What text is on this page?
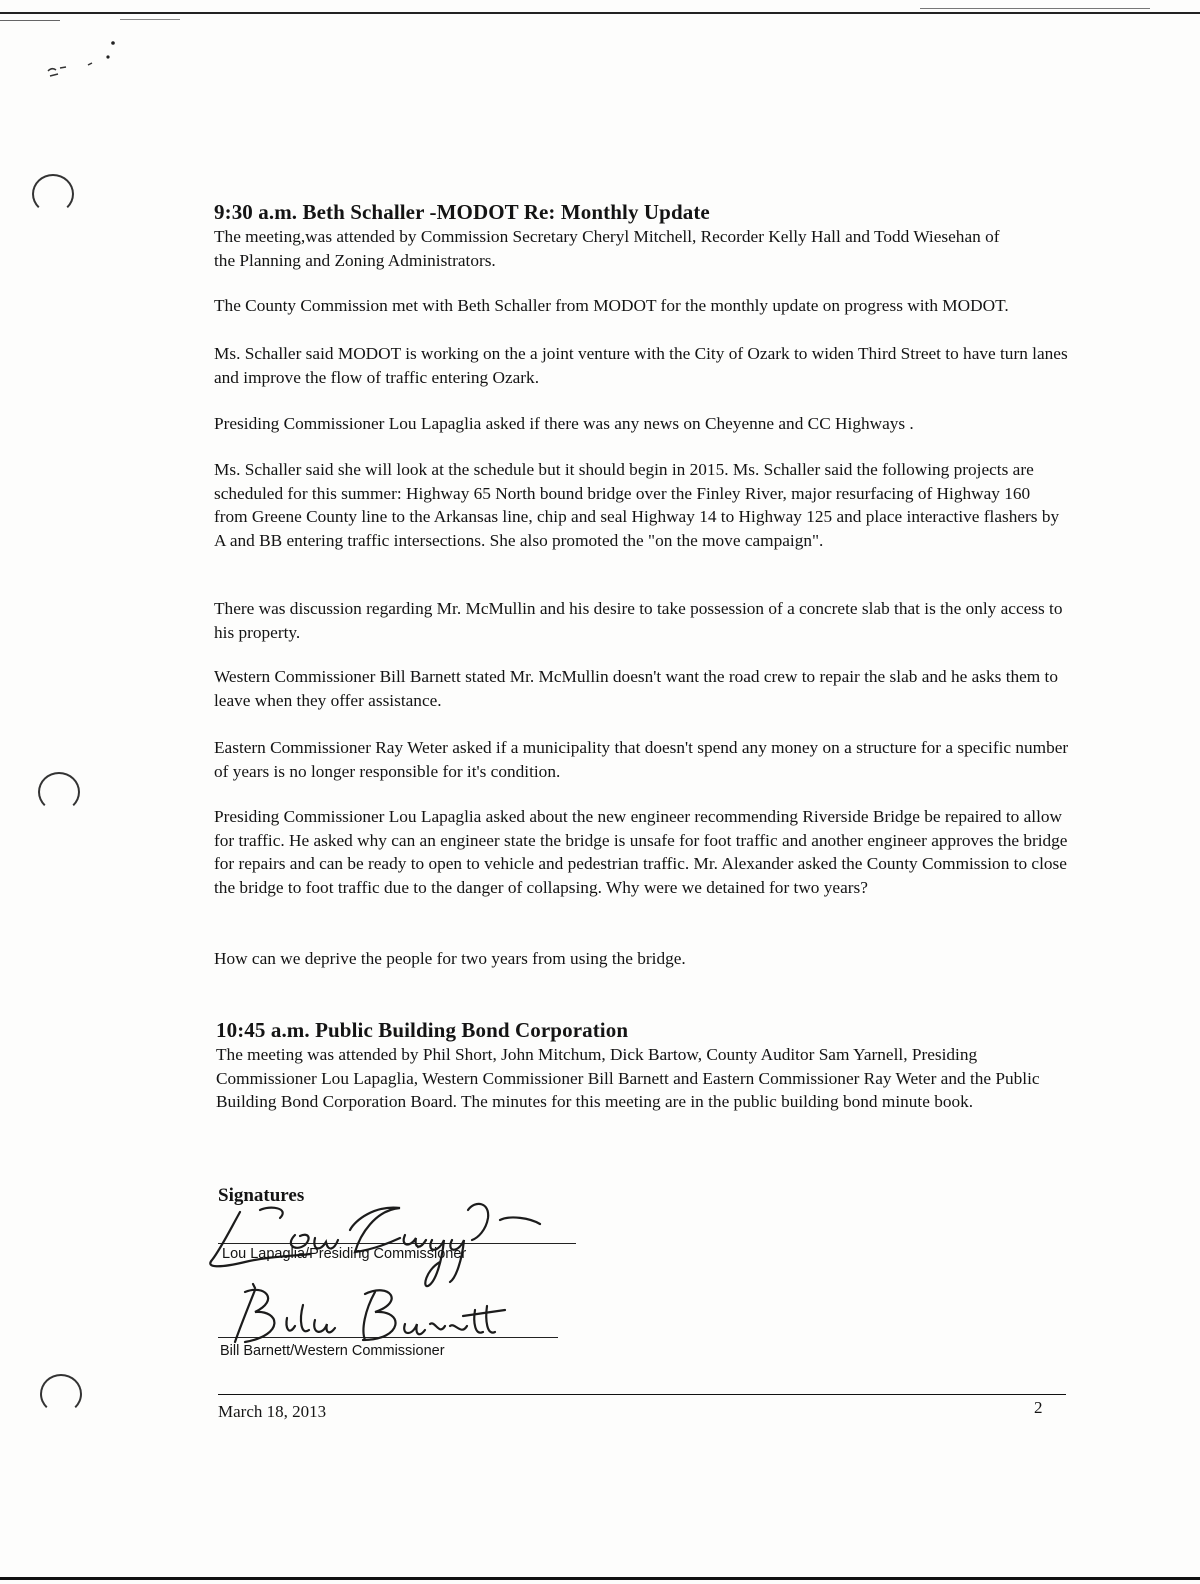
9:30 a.m. Beth Schaller -MODOT Re: Monthly Update

The meeting,was attended by Commission Secretary Cheryl Mitchell, Recorder Kelly Hall and Todd Wiesehan of the Planning and Zoning Administrators.

The County Commission met with Beth Schaller from MODOT for the monthly update on progress with MODOT.

Ms. Schaller said MODOT is working on the a joint venture with the City of Ozark to widen Third Street to have turn lanes and improve the flow of traffic entering Ozark.

Presiding Commissioner Lou Lapaglia asked if there was any news on Cheyenne and CC Highways .

Ms. Schaller said she will look at the schedule but it should begin in 2015. Ms. Schaller said the following projects are scheduled for this summer: Highway 65 North bound bridge over the Finley River, major resurfacing of Highway 160 from Greene County line to the Arkansas line, chip and seal Highway 14 to Highway 125 and place interactive flashers by A and BB entering traffic intersections. She also promoted the "on the move campaign".

There was discussion regarding Mr. McMullin and his desire to take possession of a concrete slab that is the only access to his property.

Western Commissioner Bill Barnett stated Mr. McMullin doesn't want the road crew to repair the slab and he asks them to leave when they offer assistance.

Eastern Commissioner Ray Weter asked if a municipality that doesn't spend any money on a structure for a specific number of years is no longer responsible for it's condition.

Presiding Commissioner Lou Lapaglia asked about the new engineer recommending Riverside Bridge be repaired to allow for traffic. He asked why can an engineer state the bridge is unsafe for foot traffic and another engineer approves the bridge for repairs and can be ready to open to vehicle and pedestrian traffic. Mr. Alexander asked the County Commission to close the bridge to foot traffic due to the danger of collapsing. Why were we detained for two years?

How can we deprive the people for two years from using the bridge.

10:45 a.m. Public Building Bond Corporation

The meeting was attended by Phil Short, John Mitchum, Dick Bartow, County Auditor Sam Yarnell, Presiding Commissioner Lou Lapaglia, Western Commissioner Bill Barnett and Eastern Commissioner Ray Weter and the Public Building Bond Corporation Board. The minutes for this meeting are in the public building bond minute book.

Signatures
Lou Lapaglia/Presiding Commissioner
Bill Barnett/Western Commissioner
March 18, 2013	2
